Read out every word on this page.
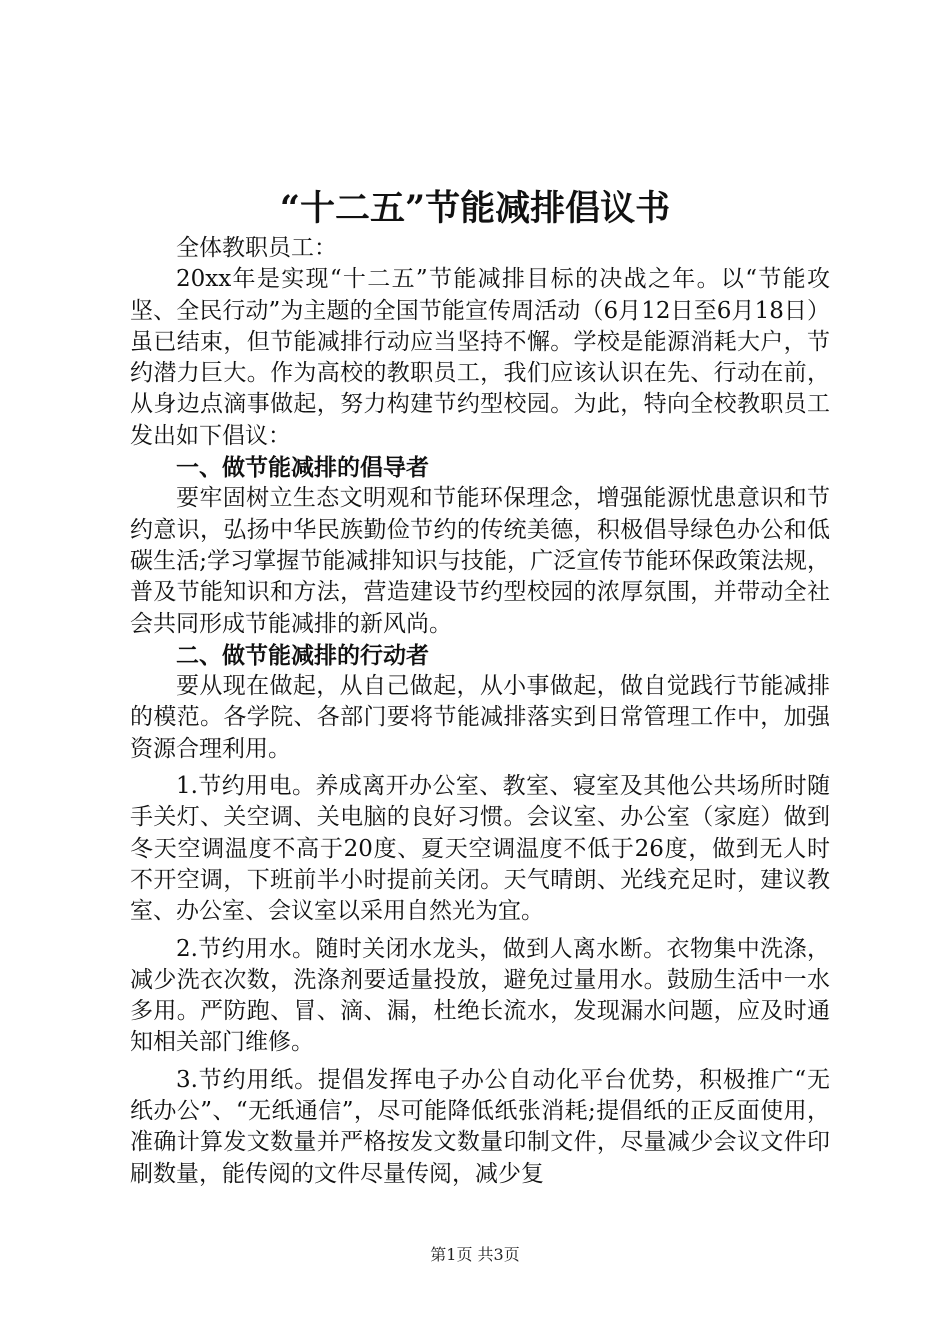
“十二五”节能减排倡议书

全体教职员工：

20xx年是实现“十二五”节能减排目标的决战之年。以“节能攻坚、全民行动”为主题的全国节能宣传周活动（6月12日至6月18日）虽已结束，但节能减排行动应当坚持不懈。学校是能源消耗大户，节约潜力巨大。作为高校的教职员工，我们应该认识在先、行动在前，从身边点滴事做起，努力构建节约型校园。为此，特向全校教职员工发出如下倡议：

一、做节能减排的倡导者

要牢固树立生态文明观和节能环保理念，增强能源忧患意识和节约意识，弘扬中华民族勤俭节约的传统美德，积极倡导绿色办公和低碳生活;学习掌握节能减排知识与技能，广泛宣传节能环保政策法规，普及节能知识和方法，营造建设节约型校园的浓厚氛围，并带动全社会共同形成节能减排的新风尚。

二、做节能减排的行动者

要从现在做起，从自己做起，从小事做起，做自觉践行节能减排的模范。各学院、各部门要将节能减排落实到日常管理工作中，加强资源合理利用。

1.节约用电。养成离开办公室、教室、寝室及其他公共场所时随手关灯、关空调、关电脑的良好习惯。会议室、办公室（家庭）做到冬天空调温度不高于20度、夏天空调温度不低于26度，做到无人时不开空调，下班前半小时提前关闭。天气晴朗、光线充足时，建议教室、办公室、会议室以采用自然光为宜。

2.节约用水。随时关闭水龙头，做到人离水断。衣物集中洗涤，减少洗衣次数，洗涤剂要适量投放，避免过量用水。鼓励生活中一水多用。严防跑、冒、滴、漏，杜绝长流水，发现漏水问题，应及时通知相关部门维修。

3.节约用纸。提倡发挥电子办公自动化平台优势，积极推广“无纸办公”、“无纸通信”，尽可能降低纸张消耗;提倡纸的正反面使用，准确计算发文数量并严格按发文数量印制文件，尽量减少会议文件印刷数量，能传阅的文件尽量传阅，减少复

第1页 共3页
